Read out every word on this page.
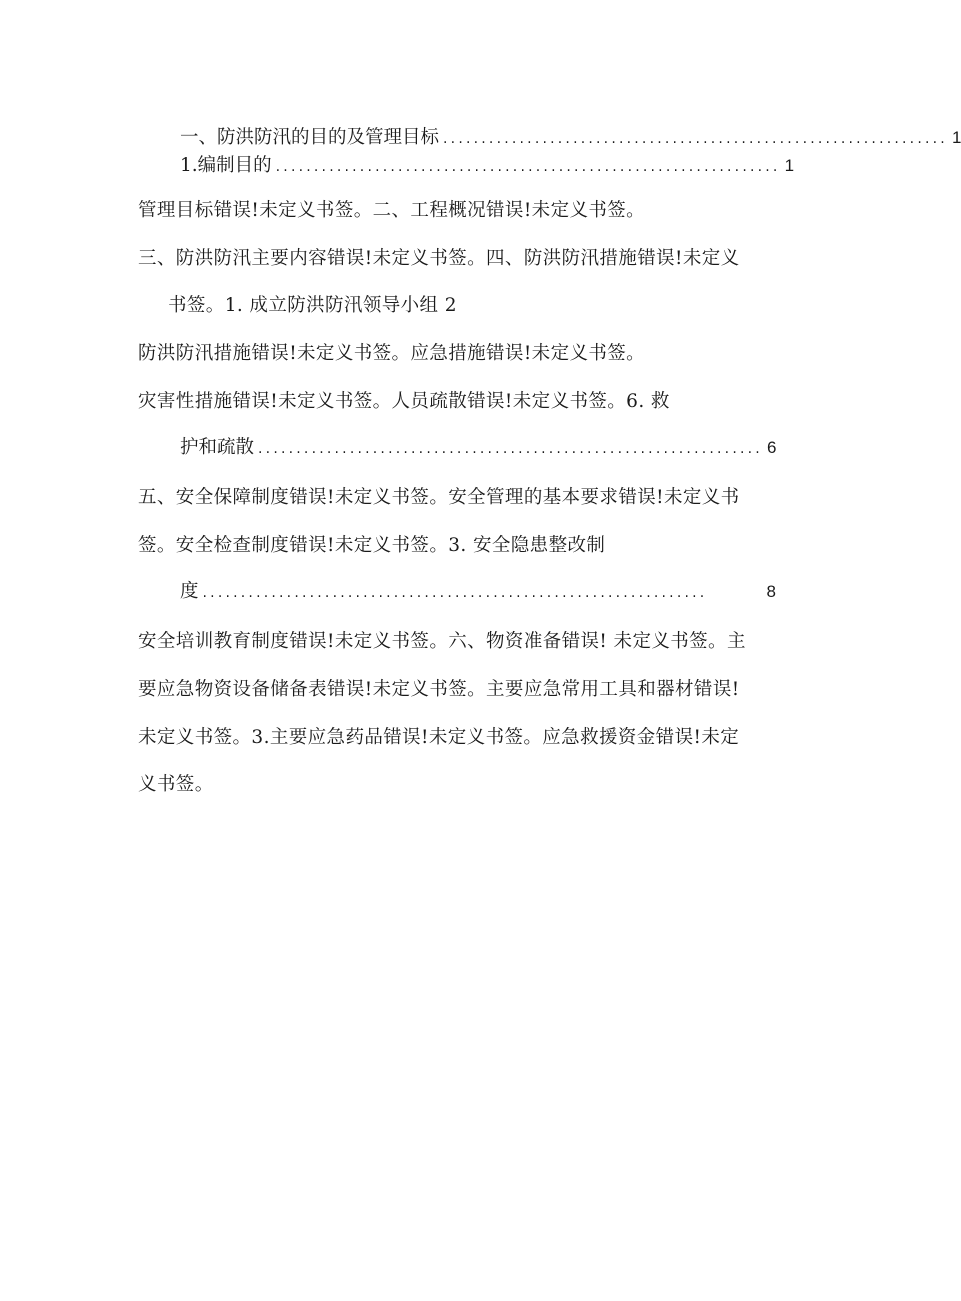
一、防洪防汛的目的及管理目标 .................................................................. 1
1.编制目的 .................................................................. 1
管理目标错误!未定义书签。二、工程概况错误!未定义书签。
三、防洪防汛主要内容错误!未定义书签。四、防洪防汛措施错误!未定义
书签。1. 成立防洪防汛领导小组 2
防洪防汛措施错误!未定义书签。应急措施错误!未定义书签。
灾害性措施错误!未定义书签。人员疏散错误!未定义书签。6. 救
护和疏散 .................................................................. 6
五、安全保障制度错误!未定义书签。安全管理的基本要求错误!未定义书
签。安全检查制度错误!未定义书签。3. 安全隐患整改制
度 ..................................................................	8
安全培训教育制度错误!未定义书签。六、物资准备错误! 未定义书签。主
要应急物资设备储备表错误!未定义书签。主要应急常用工具和器材错误!
未定义书签。3.主要应急药品错误!未定义书签。应急救援资金错误!未定
义书签。
